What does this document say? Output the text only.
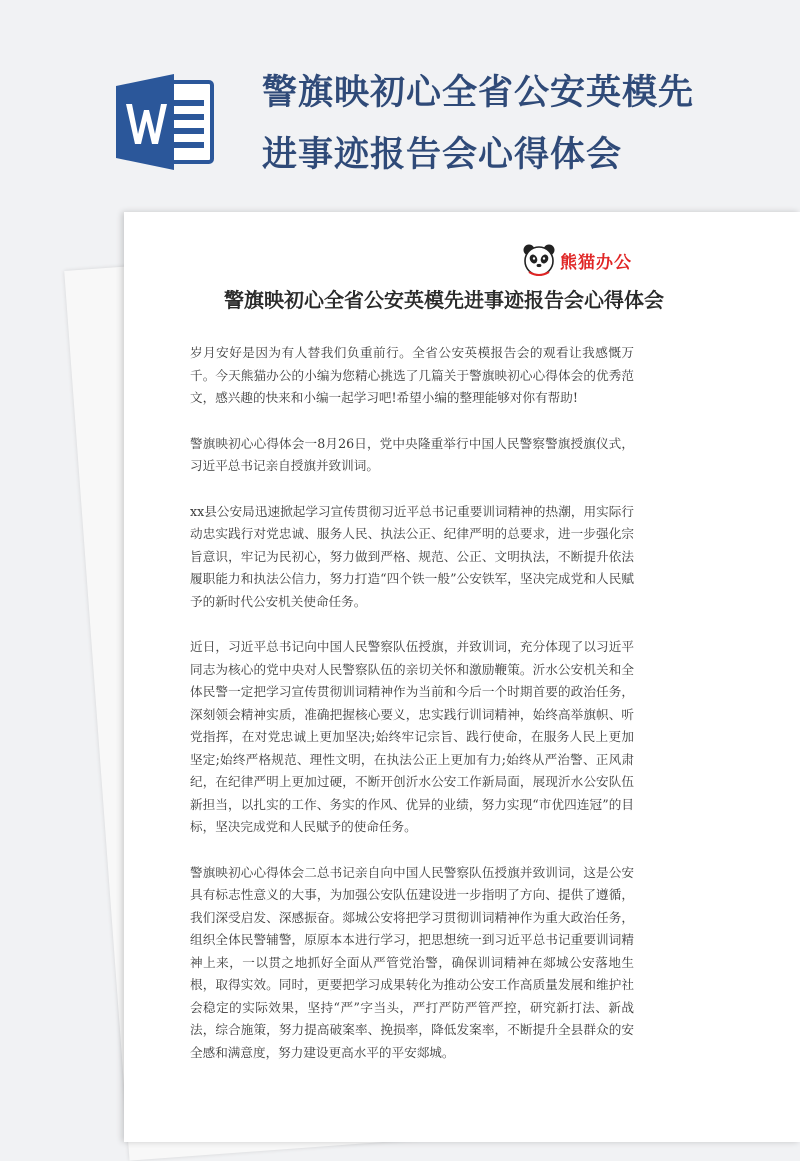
警旗映初心全省公安英模先进事迹报告会心得体会
熊猫办公
警旗映初心全省公安英模先进事迹报告会心得体会

岁月安好是因为有人替我们负重前行。全省公安英模报告会的观看让我感慨万千。今天熊猫办公的小编为您精心挑选了几篇关于警旗映初心心得体会的优秀范文，感兴趣的快来和小编一起学习吧!希望小编的整理能够对你有帮助!

警旗映初心心得体会一8月26日，党中央隆重举行中国人民警察警旗授旗仪式，习近平总书记亲自授旗并致训词。

xx县公安局迅速掀起学习宣传贯彻习近平总书记重要训词精神的热潮，用实际行动忠实践行对党忠诚、服务人民、执法公正、纪律严明的总要求，进一步强化宗旨意识，牢记为民初心，努力做到严格、规范、公正、文明执法，不断提升依法履职能力和执法公信力，努力打造“四个铁一般”公安铁军，坚决完成党和人民赋予的新时代公安机关使命任务。

近日，习近平总书记向中国人民警察队伍授旗，并致训词，充分体现了以习近平同志为核心的党中央对人民警察队伍的亲切关怀和激励鞭策。沂水公安机关和全体民警一定把学习宣传贯彻训词精神作为当前和今后一个时期首要的政治任务，深刻领会精神实质，准确把握核心要义，忠实践行训词精神，始终高举旗帜、听党指挥，在对党忠诚上更加坚决;始终牢记宗旨、践行使命，在服务人民上更加坚定;始终严格规范、理性文明，在执法公正上更加有力;始终从严治警、正风肃纪，在纪律严明上更加过硬，不断开创沂水公安工作新局面，展现沂水公安队伍新担当，以扎实的工作、务实的作风、优异的业绩，努力实现“市优四连冠”的目标，坚决完成党和人民赋予的使命任务。

警旗映初心心得体会二总书记亲自向中国人民警察队伍授旗并致训词，这是公安具有标志性意义的大事，为加强公安队伍建设进一步指明了方向、提供了遵循，我们深受启发、深感振奋。郯城公安将把学习贯彻训词精神作为重大政治任务，组织全体民警辅警，原原本本进行学习，把思想统一到习近平总书记重要训词精神上来，一以贯之地抓好全面从严管党治警，确保训词精神在郯城公安落地生根，取得实效。同时，更要把学习成果转化为推动公安工作高质量发展和维护社会稳定的实际效果，坚持“严”字当头，严打严防严管严控，研究新打法、新战法，综合施策，努力提高破案率、挽损率，降低发案率，不断提升全县群众的安全感和满意度，努力建设更高水平的平安郯城。
